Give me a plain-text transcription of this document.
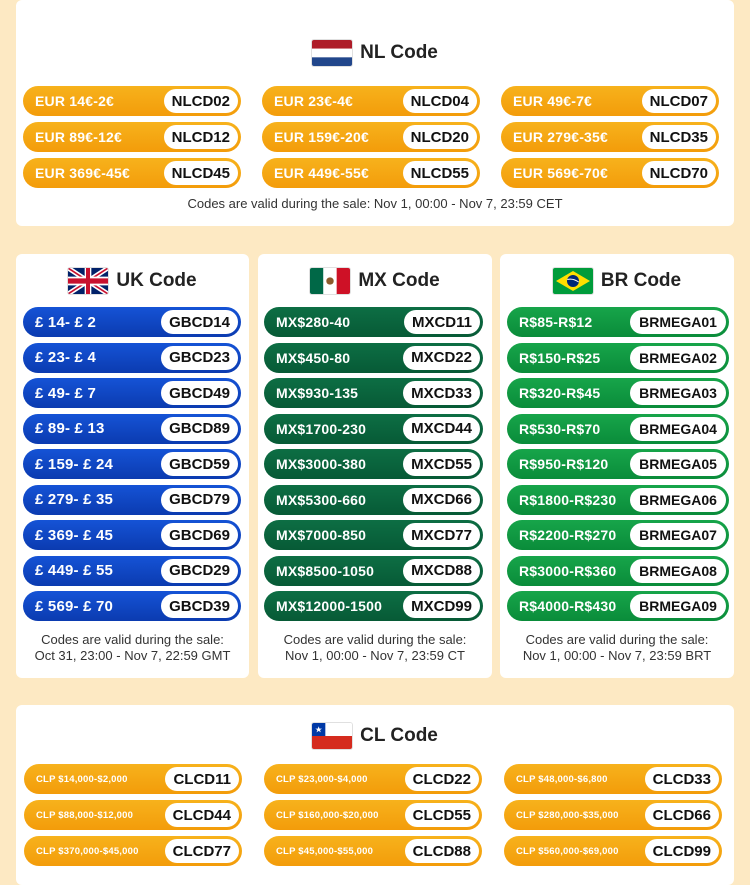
NL Code
EUR 14€-2€	NLCD02	EUR 23€-4€	NLCD04	EUR 49€-7€	NLCD07
EUR 89€-12€	NLCD12	EUR 159€-20€	NLCD20	EUR 279€-35€	NLCD35
EUR 369€-45€	NLCD45	EUR 449€-55€	NLCD55	EUR 569€-70€	NLCD70
Codes are valid during the sale: Nov 1, 00:00 - Nov 7, 23:59 CET
UK Code
£ 14- £ 2	GBCD14
£ 23- £ 4	GBCD23
£ 49- £ 7	GBCD49
£ 89- £ 13	GBCD89
£ 159- £ 24	GBCD59
£ 279- £ 35	GBCD79
£ 369- £ 45	GBCD69
£ 449- £ 55	GBCD29
£ 569- £ 70	GBCD39
Codes are valid during the sale:
Oct 31, 23:00 - Nov 7, 22:59 GMT
MX Code
MX$280-40	MXCD11
MX$450-80	MXCD22
MX$930-135	MXCD33
MX$1700-230	MXCD44
MX$3000-380	MXCD55
MX$5300-660	MXCD66
MX$7000-850	MXCD77
MX$8500-1050	MXCD88
MX$12000-1500	MXCD99
Codes are valid during the sale:
Nov 1, 00:00 - Nov 7, 23:59 CT
BR Code
R$85-R$12	BRMEGA01
R$150-R$25	BRMEGA02
R$320-R$45	BRMEGA03
R$530-R$70	BRMEGA04
R$950-R$120	BRMEGA05
R$1800-R$230	BRMEGA06
R$2200-R$270	BRMEGA07
R$3000-R$360	BRMEGA08
R$4000-R$430	BRMEGA09
Codes are valid during the sale:
Nov 1, 00:00 - Nov 7, 23:59 BRT
CL Code
CLP $14,000-$2,000	CLCD11	CLP $23,000-$4,000	CLCD22	CLP $48,000-$6,800	CLCD33
CLP $88,000-$12,000	CLCD44	CLP $160,000-$20,000	CLCD55	CLP $280,000-$35,000	CLCD66
CLP $370,000-$45,000	CLCD77	CLP $45,000-$55,000	CLCD88	CLP $560,000-$69,000	CLCD99
